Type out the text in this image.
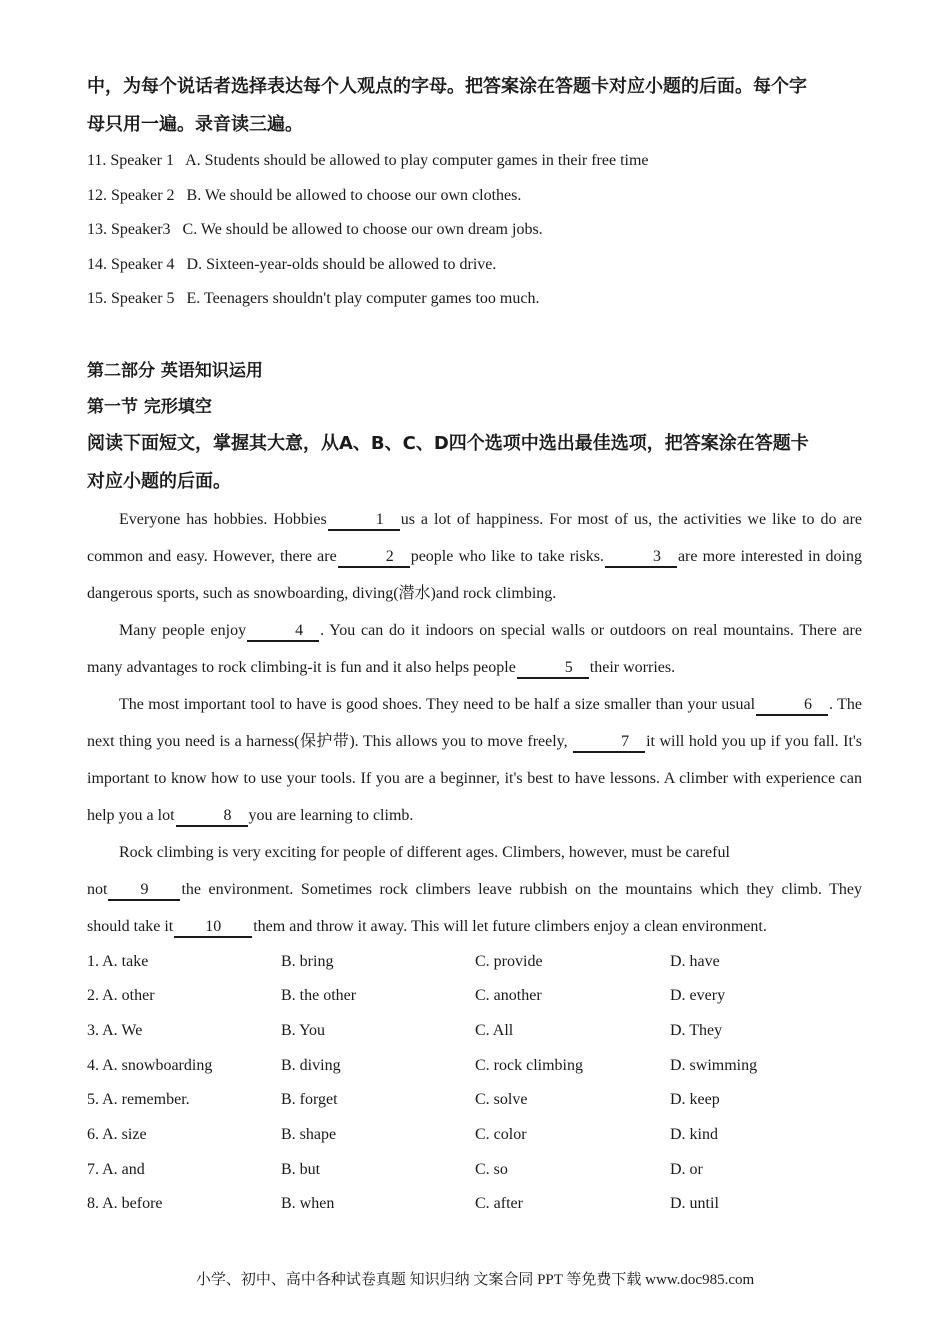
中，为每个说话者选择表达每个人观点的字母。把答案涂在答题卡对应小题的后面。每个字

母只用一遍。录音读三遍。

11. Speaker 1 A. Students should be allowed to play computer games in their free time

12. Speaker 2 B. We should be allowed to choose our own clothes.

13. Speaker3 C. We should be allowed to choose our own dream jobs.

14. Speaker 4 D. Sixteen-year-olds should be allowed to drive.

15. Speaker 5 E. Teenagers shouldn't play computer games too much.

第二部分 英语知识运用

第一节 完形填空

阅读下面短文，掌握其大意，从A、B、C、D四个选项中选出最佳选项，把答案涂在答题卡

对应小题的后面。

Everyone has hobbies. Hobbies	1 us a lot of happiness. For most of us, the activities we like to do are common and easy. However, there are	2 people who like to take risks.	3 are more interested in doing dangerous sports, such as snowboarding, diving(潜水)and rock climbing.

Many people enjoy	4 . You can do it indoors on special walls or outdoors on real mountains. There are many advantages to rock climbing-it is fun and it also helps people	5 their worries.

The most important tool to have is good shoes. They need to be half a size smaller than your usual	6 . The next thing you need is a harness(保护带). This allows you to move freely,	7 it will hold you up if you fall. It's important to know how to use your tools. If you are a beginner, it's best to have lessons. A climber with experience can help you a lot	8 you are learning to climb.

Rock climbing is very exciting for people of different ages. Climbers, however, must be careful

not 9 the environment. Sometimes rock climbers leave rubbish on the mountains which they climb. They should take it 10 them and throw it away. This will let future climbers enjoy a clean environment.

1. A. take	B. bring	C. provide	D. have
2. A. other	B. the other	C. another	D. every
3. A. We	B. You	C. All	D. They
4. A. snowboarding	B. diving	C. rock climbing	D. swimming
5. A. remember.	B. forget	C. solve	D. keep
6. A. size	B. shape	C. color	D. kind
7. A. and	B. but	C. so	D. or
8. A. before	B. when	C. after	D. until
小学、初中、高中各种试卷真题 知识归纳 文案合同 PPT 等免费下载 www.doc985.com
